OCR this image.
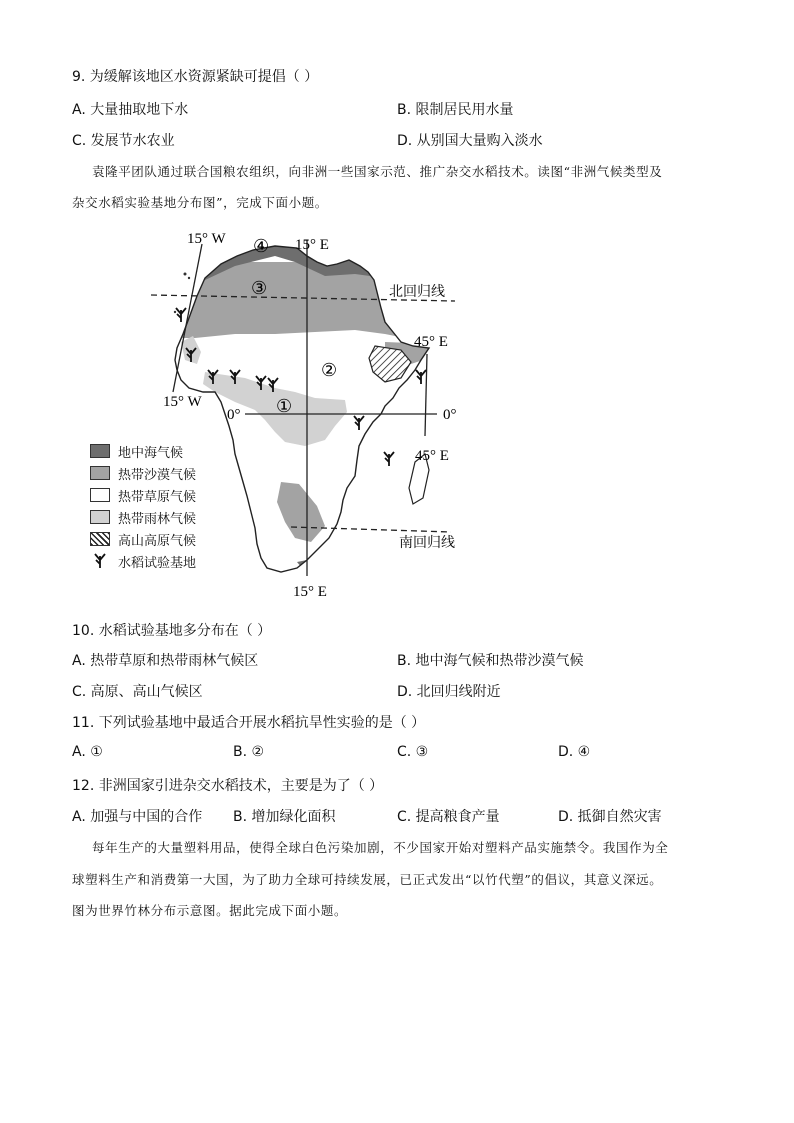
9. 为缓解该地区水资源紧缺可提倡（ ）
A. 大量抽取地下水	B. 限制居民用水量
C. 发展节水农业	D. 从别国大量购入淡水
袁隆平团队通过联合国粮农组织，向非洲一些国家示范、推广杂交水稻技术。读图“非洲气候类型及
杂交水稻实验基地分布图”，完成下面小题。
15° W
15° W
15° E
15° E
45° E
45° E
0°	0°
北回归线
南回归线
①
②
③
④
地中海气候
热带沙漠气候
热带草原气候
热带雨林气候
高山高原气候
水稻试验基地
10. 水稻试验基地多分布在（ ）
A. 热带草原和热带雨林气候区	B. 地中海气候和热带沙漠气候
C. 高原、高山气候区	D. 北回归线附近
11. 下列试验基地中最适合开展水稻抗旱性实验的是（ ）
A. ①	B. ②	C. ③	D. ④
12. 非洲国家引进杂交水稻技术，主要是为了（ ）
A. 加强与中国的合作 B. 增加绿化面积	C. 提高粮食产量	D. 抵御自然灾害
每年生产的大量塑料用品，使得全球白色污染加剧，不少国家开始对塑料产品实施禁令。我国作为全
球塑料生产和消费第一大国，为了助力全球可持续发展，已正式发出“以竹代塑”的倡议，其意义深远。
图为世界竹林分布示意图。据此完成下面小题。
